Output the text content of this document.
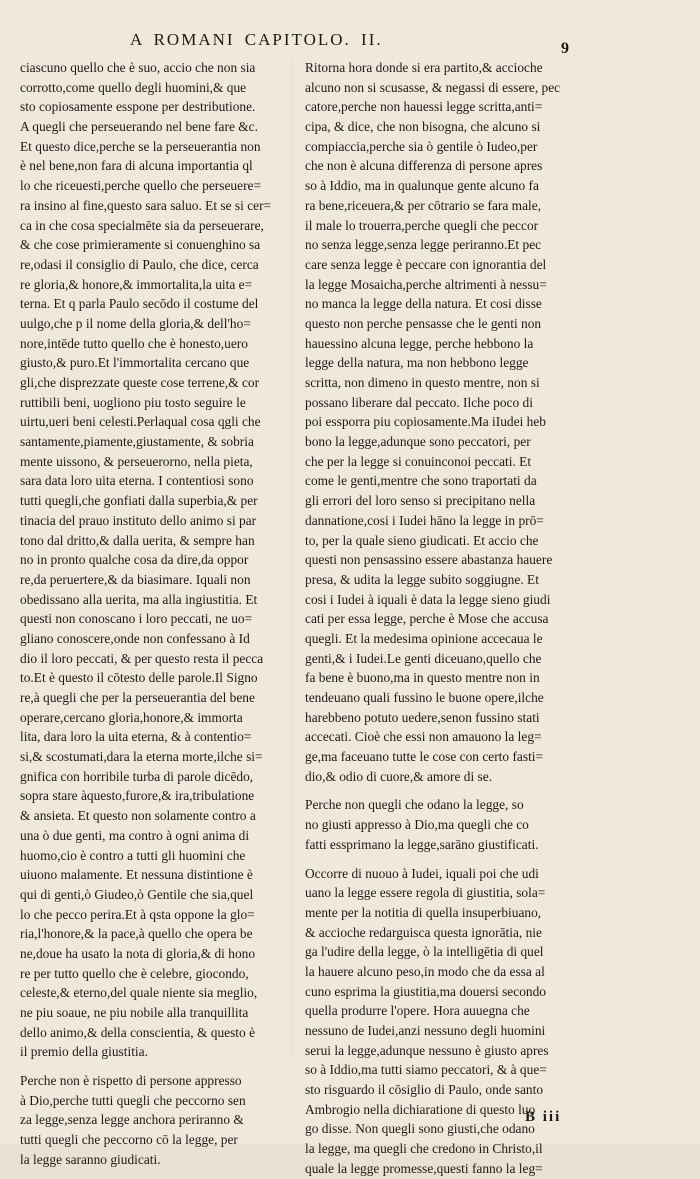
A ROMANI CAPITOLO. II.	9
ciascuno quello che è suo, accio che non sia
corrotto,come quello degli huomini,& que
sto copiosamente esspone per destributione.
A quegli che perseuerando nel bene fare &c.
Et questo dice,perche se la perseuerantia non
è nel bene,non fara di alcuna importantia ql
lo che riceuesti,perche quello che perseuere=
ra insino al fine,questo sara saluo. Et se si cer=
ca in che cosa specialmēte sia da perseuerare,
& che cose primieramente si conuenghino sa
re,odasi il consiglio di Paulo, che dice, cerca
re gloria,& honore,& immortalita,la uita e=
terna. Et q parla Paulo secōdo il costume del
uulgo,che p il nome della gloria,& dell'ho=
nore,intēde tutto quello che è honesto,uero
giusto,& puro.Et l'immortalita cercano que
gli,che disprezzate queste cose terrene,& cor
ruttibili beni, uogliono piu tosto seguire le
uirtu,ueri beni celesti.Perlaqual cosa qgli che
santamente,piamente,giustamente, & sobria
mente uissono, & perseuerorno, nella pieta,
sara data loro uita eterna. I contentiosi sono
tutti quegli,che gonfiati dalla superbia,& per
tinacia del prauo instituto dello animo si par
tono dal dritto,& dalla uerita, & sempre han
no in pronto qualche cosa da dire,da oppor
re,da peruertere,& da biasimare. Iquali non
obedissano alla uerita, ma alla ingiustitia. Et
questi non conoscano i loro peccati, ne uo=
gliano conoscere,onde non confessano à Id
dio il loro peccati, & per questo resta il pecca
to.Et è questo il cōtesto delle parole.Il Signo
re,à quegli che per la perseuerantia del bene
operare,cercano gloria,honore,& immorta
lita, dara loro la uita eterna, & à contentio=
si,& scostumati,dara la eterna morte,ilche si=
gnifica con horribile turba di parole dicēdo,
sopra stare àquesto,furore,& ira,tribulatione
& ansieta. Et questo non solamente contro a
una ò due genti, ma contro à ogni anima di
huomo,cio è contro a tutti gli huomini che
uiuono malamente. Et nessuna distintione è
qui di genti,ò Giudeo,ò Gentile che sia,quel
lo che pecco perira.Et à qsta oppone la glo=
ria,l'honore,& la pace,à quello che opera be
ne,doue ha usato la nota di gloria,& di hono
re per tutto quello che è celebre, giocondo,
celeste,& eterno,del quale niente sia meglio,
ne piu soaue, ne piu nobile alla tranquillita
dello animo,& della conscientia, & questo è
il premio della giustitia.
Perche non è rispetto di persone appresso
à Dio,perche tutti quegli che peccorno sen
za legge,senza legge anchora periranno &
tutti quegli che peccorno cō la legge, per
la legge saranno giudicati.
Ritorna hora donde si era partito,& accioche
alcuno non si scusasse, & negassi di essere, pec
catore,perche non hauessi legge scritta,anti=
cipa, & dice, che non bisogna, che alcuno si
compiaccia,perche sia ò gentile ò Iudeo,per
che non è alcuna differenza di persone apres
so à Iddio, ma in qualunque gente alcuno fa
ra bene,riceuera,& per cōtrario se fara male,
il male lo trouerra,perche quegli che peccor
no senza legge,senza legge periranno.Et pec
care senza legge è peccare con ignorantia del
la legge Mosaicha,perche altrimenti à nessu=
no manca la legge della natura. Et cosi disse
questo non perche pensasse che le genti non
hauessino alcuna legge, perche hebbono la
legge della natura, ma non hebbono legge
scritta, non dimeno in questo mentre, non si
possano liberare dal peccato. Ilche poco di
poi essporra piu copiosamente.Ma iIudei heb
bono la legge,adunque sono peccatori, per
che per la legge si conuinconoi peccati. Et
come le genti,mentre che sono traportati da
gli errori del loro senso si precipitano nella
dannatione,cosi i Iudei hāno la legge in prō=
to, per la quale sieno giudicati. Et accio che
questi non pensassino essere abastanza hauere
presa, & udita la legge subito soggiugne. Et
cosi i Iudei à iquali è data la legge sieno giudi
cati per essa legge, perche è Mose che accusa
quegli. Et la medesima opinione accecaua le
genti,& i Iudei.Le genti diceuano,quello che
fa bene è buono,ma in questo mentre non in
tendeuano quali fussino le buone opere,ilche
harebbeno potuto uedere,senon fussino stati
accecati. Cioè che essi non amauono la leg=
ge,ma faceuano tutte le cose con certo fasti=
dio,& odio di cuore,& amore di se.
Perche non quegli che odano la legge, so
no giusti appresso à Dio,ma quegli che co
fatti essprimano la legge,sarāno giustificati.
Occorre di nuouo à Iudei, iquali poi che udi
uano la legge essere regola di giustitia, sola=
mente per la notitia di quella insuperbiuano,
& accioche redarguisca questa ignorātia, nie
ga l'udire della legge, ò la intelligētia di quel
la hauere alcuno peso,in modo che da essa al
cuno esprima la giustitia,ma douersi secondo
quella produrre l'opere. Hora auuegna che
nessuno de Iudei,anzi nessuno degli huomini
serui la legge,adunque nessuno è giusto apres
so à Iddio,ma tutti siamo peccatori, & à que=
sto risguardo il cōsiglio di Paulo, onde santo
Ambrogio nella dichiaratione di questo luo
go disse. Non quegli sono giusti,che odano
la legge, ma quegli che credono in Christo,il
quale la legge promesse,questi fanno la leg=
B iii
